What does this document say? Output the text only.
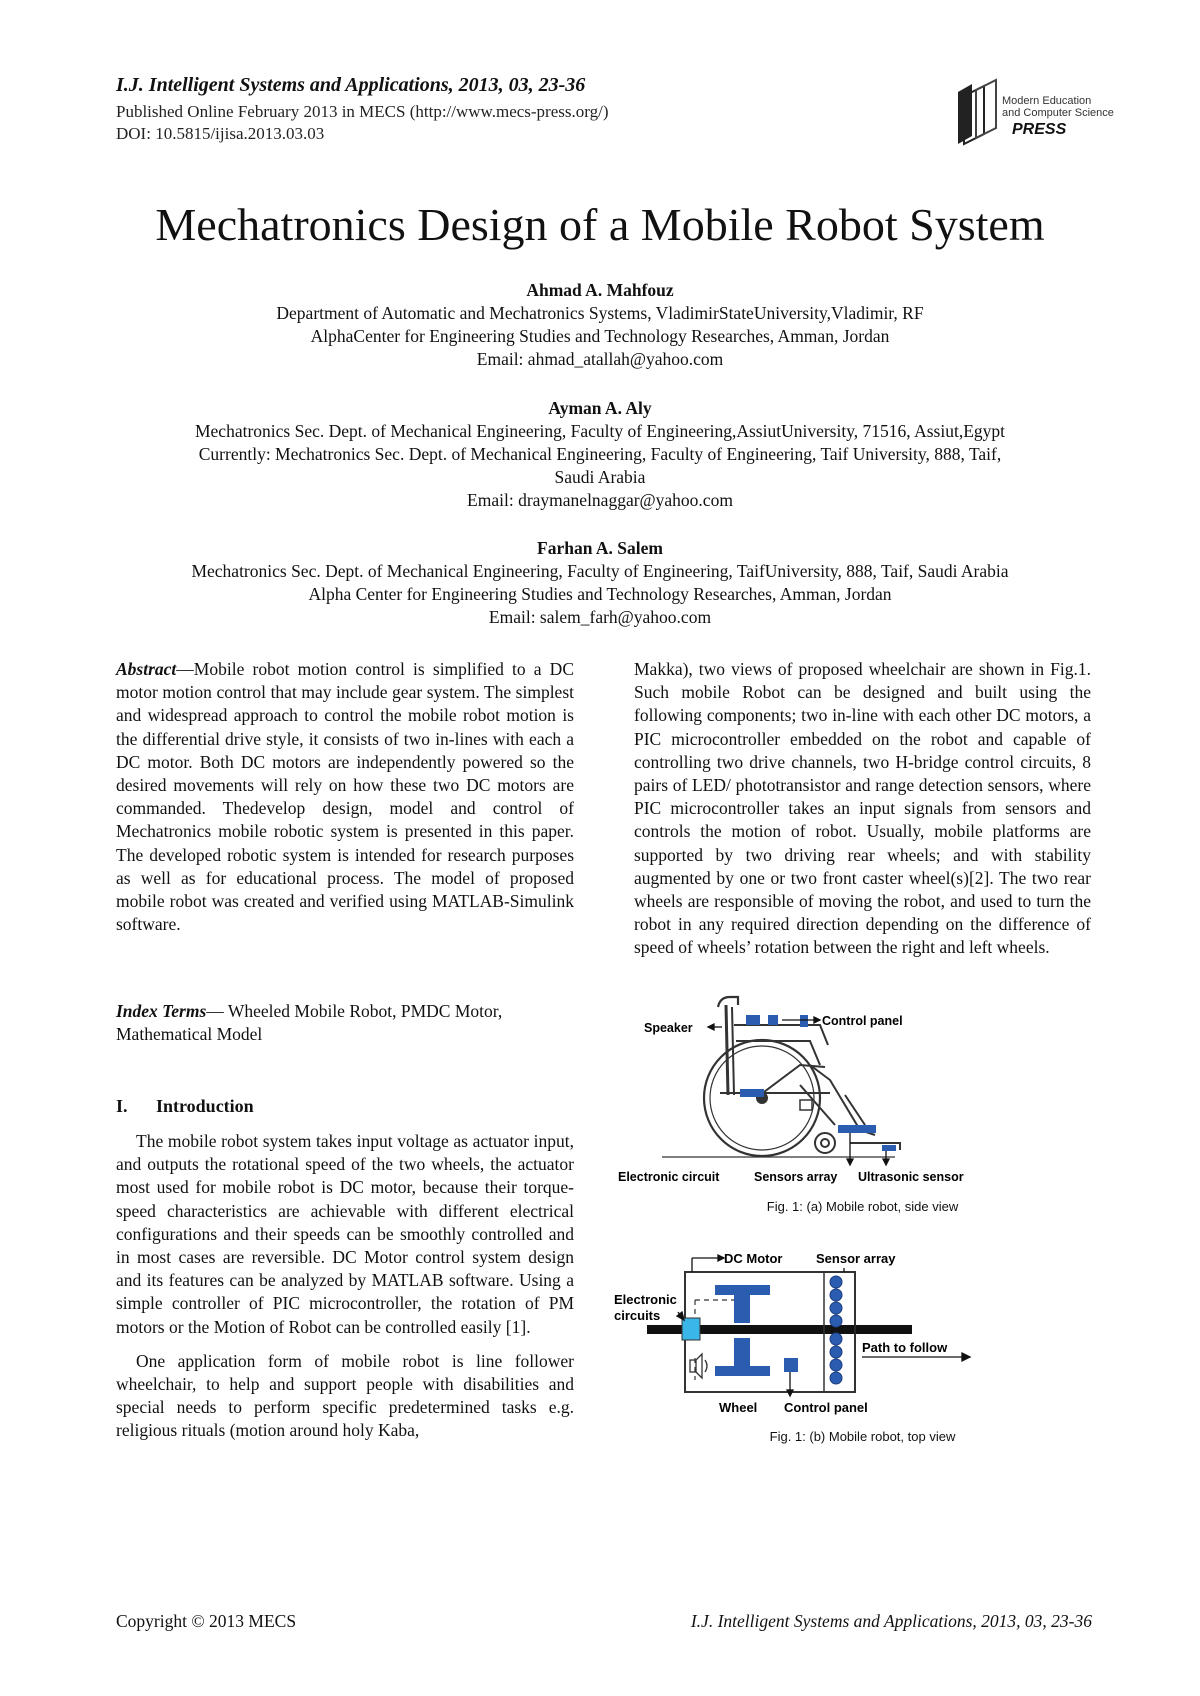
I.J. Intelligent Systems and Applications, 2013, 03, 23-36
Published Online February 2013 in MECS (http://www.mecs-press.org/)
DOI: 10.5815/ijisa.2013.03.03
Modern Education
and Computer Science
PRESS
Mechatronics Design of a Mobile Robot System
Ahmad A. Mahfouz
Department of Automatic and Mechatronics Systems, VladimirStateUniversity,Vladimir, RF
AlphaCenter for Engineering Studies and Technology Researches, Amman, Jordan
Email: ahmad_atallah@yahoo.com
Ayman A. Aly
Mechatronics Sec. Dept. of Mechanical Engineering, Faculty of Engineering,AssiutUniversity, 71516, Assiut,Egypt
Currently: Mechatronics Sec. Dept. of Mechanical Engineering, Faculty of Engineering, Taif University, 888, Taif,
Saudi Arabia
Email: draymanelnaggar@yahoo.com
Farhan A. Salem
Mechatronics Sec. Dept. of Mechanical Engineering, Faculty of Engineering, TaifUniversity, 888, Taif, Saudi Arabia
Alpha Center for Engineering Studies and Technology Researches, Amman, Jordan
Email: salem_farh@yahoo.com

Abstract—Mobile robot motion control is simplified to a DC motor motion control that may include gear system. The simplest and widespread approach to control the mobile robot motion is the differential drive style, it consists of two in-lines with each a DC motor. Both DC motors are independently powered so the desired movements will rely on how these two DC motors are commanded. Thedevelop design, model and control of Mechatronics mobile robotic system is presented in this paper. The developed robotic system is intended for research purposes as well as for educational process. The model of proposed mobile robot was created and verified using MATLAB-Simulink software.

Index Terms— Wheeled Mobile Robot, PMDC Motor, Mathematical Model

I. Introduction

The mobile robot system takes input voltage as actuator input, and outputs the rotational speed of the two wheels, the actuator most used for mobile robot is DC motor, because their torque-speed characteristics are achievable with different electrical configurations and their speeds can be smoothly controlled and in most cases are reversible. DC Motor control system design and its features can be analyzed by MATLAB software. Using a simple controller of PIC microcontroller, the rotation of PM motors or the Motion of Robot can be controlled easily [1].

One application form of mobile robot is line follower wheelchair, to help and support people with disabilities and special needs to perform specific predetermined tasks e.g. religious rituals (motion around holy Kaba,

Makka), two views of proposed wheelchair are shown in Fig.1. Such mobile Robot can be designed and built using the following components; two in-line with each other DC motors, a PIC microcontroller embedded on the robot and capable of controlling two drive channels, two H-bridge control circuits, 8 pairs of LED/ phototransistor and range detection sensors, where PIC microcontroller takes an input signals from sensors and controls the motion of robot. Usually, mobile platforms are supported by two driving rear wheels; and with stability augmented by one or two front caster wheel(s)[2]. The two rear wheels are responsible of moving the robot, and used to turn the robot in any required direction depending on the difference of speed of wheels’ rotation between the right and left wheels.

Speaker	Control panel
Electronic circuit	Sensors array Ultrasonic sensor
Fig. 1: (a) Mobile robot, side view
DC Motor	Sensor array
Electronic
circuits
Path to follow
Wheel Control panel
Fig. 1: (b) Mobile robot, top view
Copyright © 2013 MECS	I.J. Intelligent Systems and Applications, 2013, 03, 23-36
